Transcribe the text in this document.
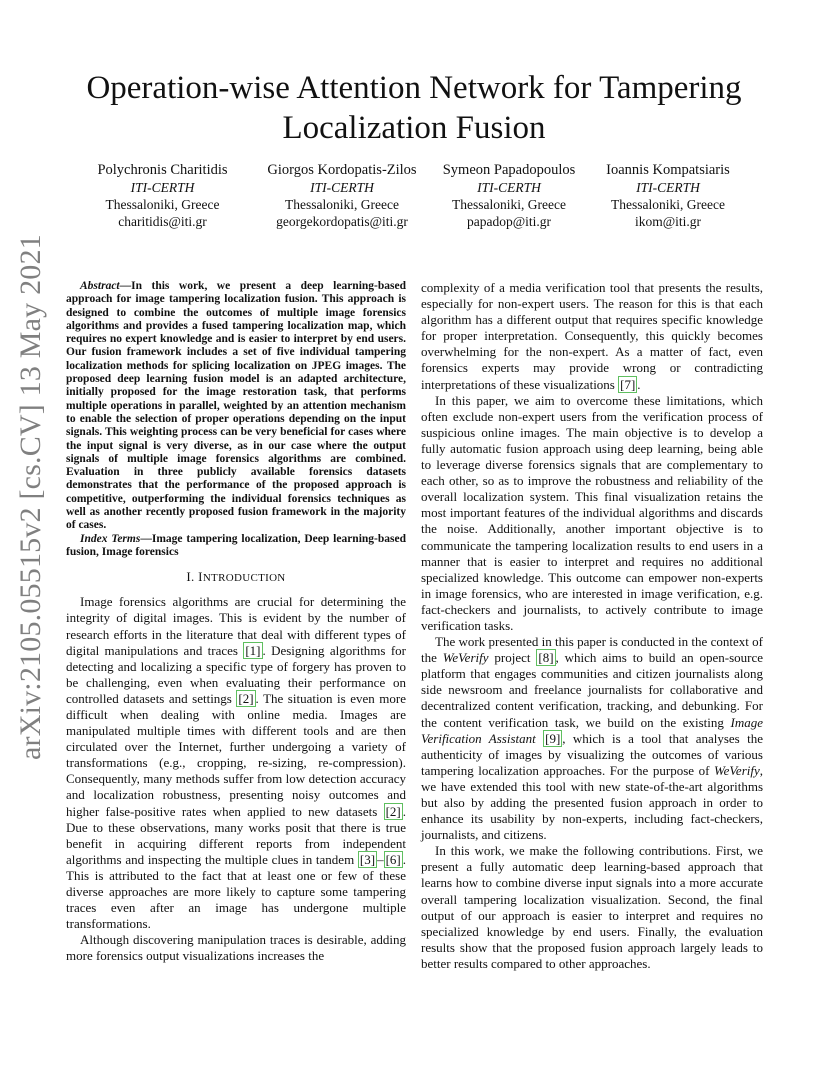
arXiv:2105.05515v2 [cs.CV] 13 May 2021
Operation-wise Attention Network for Tampering Localization Fusion
Polychronis Charitidis
ITI-CERTH
Thessaloniki, Greece
charitidis@iti.gr
Giorgos Kordopatis-Zilos
ITI-CERTH
Thessaloniki, Greece
georgekordopatis@iti.gr
Symeon Papadopoulos
ITI-CERTH
Thessaloniki, Greece
papadop@iti.gr
Ioannis Kompatsiaris
ITI-CERTH
Thessaloniki, Greece
ikom@iti.gr

Abstract—In this work, we present a deep learning-based approach for image tampering localization fusion. This approach is designed to combine the outcomes of multiple image forensics algorithms and provides a fused tampering localization map, which requires no expert knowledge and is easier to interpret by end users. Our fusion framework includes a set of five individual tampering localization methods for splicing localization on JPEG images. The proposed deep learning fusion model is an adapted architecture, initially proposed for the image restoration task, that performs multiple operations in parallel, weighted by an attention mechanism to enable the selection of proper operations depending on the input signals. This weighting process can be very beneficial for cases where the input signal is very diverse, as in our case where the output signals of multiple image forensics algorithms are combined. Evaluation in three publicly available forensics datasets demonstrates that the performance of the proposed approach is competitive, outperforming the individual forensics techniques as well as another recently proposed fusion framework in the majority of cases.

Index Terms—Image tampering localization, Deep learning-based fusion, Image forensics

I. INTRODUCTION

Image forensics algorithms are crucial for determining the integrity of digital images. This is evident by the number of research efforts in the literature that deal with different types of digital manipulations and traces [1] . Designing algorithms for detecting and localizing a specific type of forgery has proven to be challenging, even when evaluating their performance on controlled datasets and settings [2] . The situation is even more difficult when dealing with online media. Images are manipulated multiple times with different tools and are then circulated over the Internet, further undergoing a variety of transformations (e.g., cropping, re-sizing, re-compression). Consequently, many methods suffer from low detection accuracy and localization robustness, presenting noisy outcomes and higher false-positive rates when applied to new datasets [2] . Due to these observations, many works posit that there is true benefit in acquiring different reports from independent algorithms and inspecting the multiple clues in tandem [3] – [6] . This is attributed to the fact that at least one or few of these diverse approaches are more likely to capture some tampering traces even after an image has undergone multiple transformations.

Although discovering manipulation traces is desirable, adding more forensics output visualizations increases the

complexity of a media verification tool that presents the results, especially for non-expert users. The reason for this is that each algorithm has a different output that requires specific knowledge for proper interpretation. Consequently, this quickly becomes overwhelming for the non-expert. As a matter of fact, even forensics experts may provide wrong or contradicting interpretations of these visualizations [7] .

In this paper, we aim to overcome these limitations, which often exclude non-expert users from the verification process of suspicious online images. The main objective is to develop a fully automatic fusion approach using deep learning, being able to leverage diverse forensics signals that are complementary to each other, so as to improve the robustness and reliability of the overall localization system. This final visualization retains the most important features of the individual algorithms and discards the noise. Additionally, another important objective is to communicate the tampering localization results to end users in a manner that is easier to interpret and requires no additional specialized knowledge. This outcome can empower non-experts in image forensics, who are interested in image verification, e.g. fact-checkers and journalists, to actively contribute to image verification tasks.

The work presented in this paper is conducted in the context of the WeVerify project [8] , which aims to build an open-source platform that engages communities and citizen journalists along side newsroom and freelance journalists for collaborative and decentralized content verification, tracking, and debunking. For the content verification task, we build on the existing Image Verification Assistant [9] , which is a tool that analyses the authenticity of images by visualizing the outcomes of various tampering localization approaches. For the purpose of WeVerify, we have extended this tool with new state-of-the-art algorithms but also by adding the presented fusion approach in order to enhance its usability by non-experts, including fact-checkers, journalists, and citizens.

In this work, we make the following contributions. First, we present a fully automatic deep learning-based approach that learns how to combine diverse input signals into a more accurate overall tampering localization visualization. Second, the final output of our approach is easier to interpret and requires no specialized knowledge by end users. Finally, the evaluation results show that the proposed fusion approach largely leads to better results compared to other approaches.
